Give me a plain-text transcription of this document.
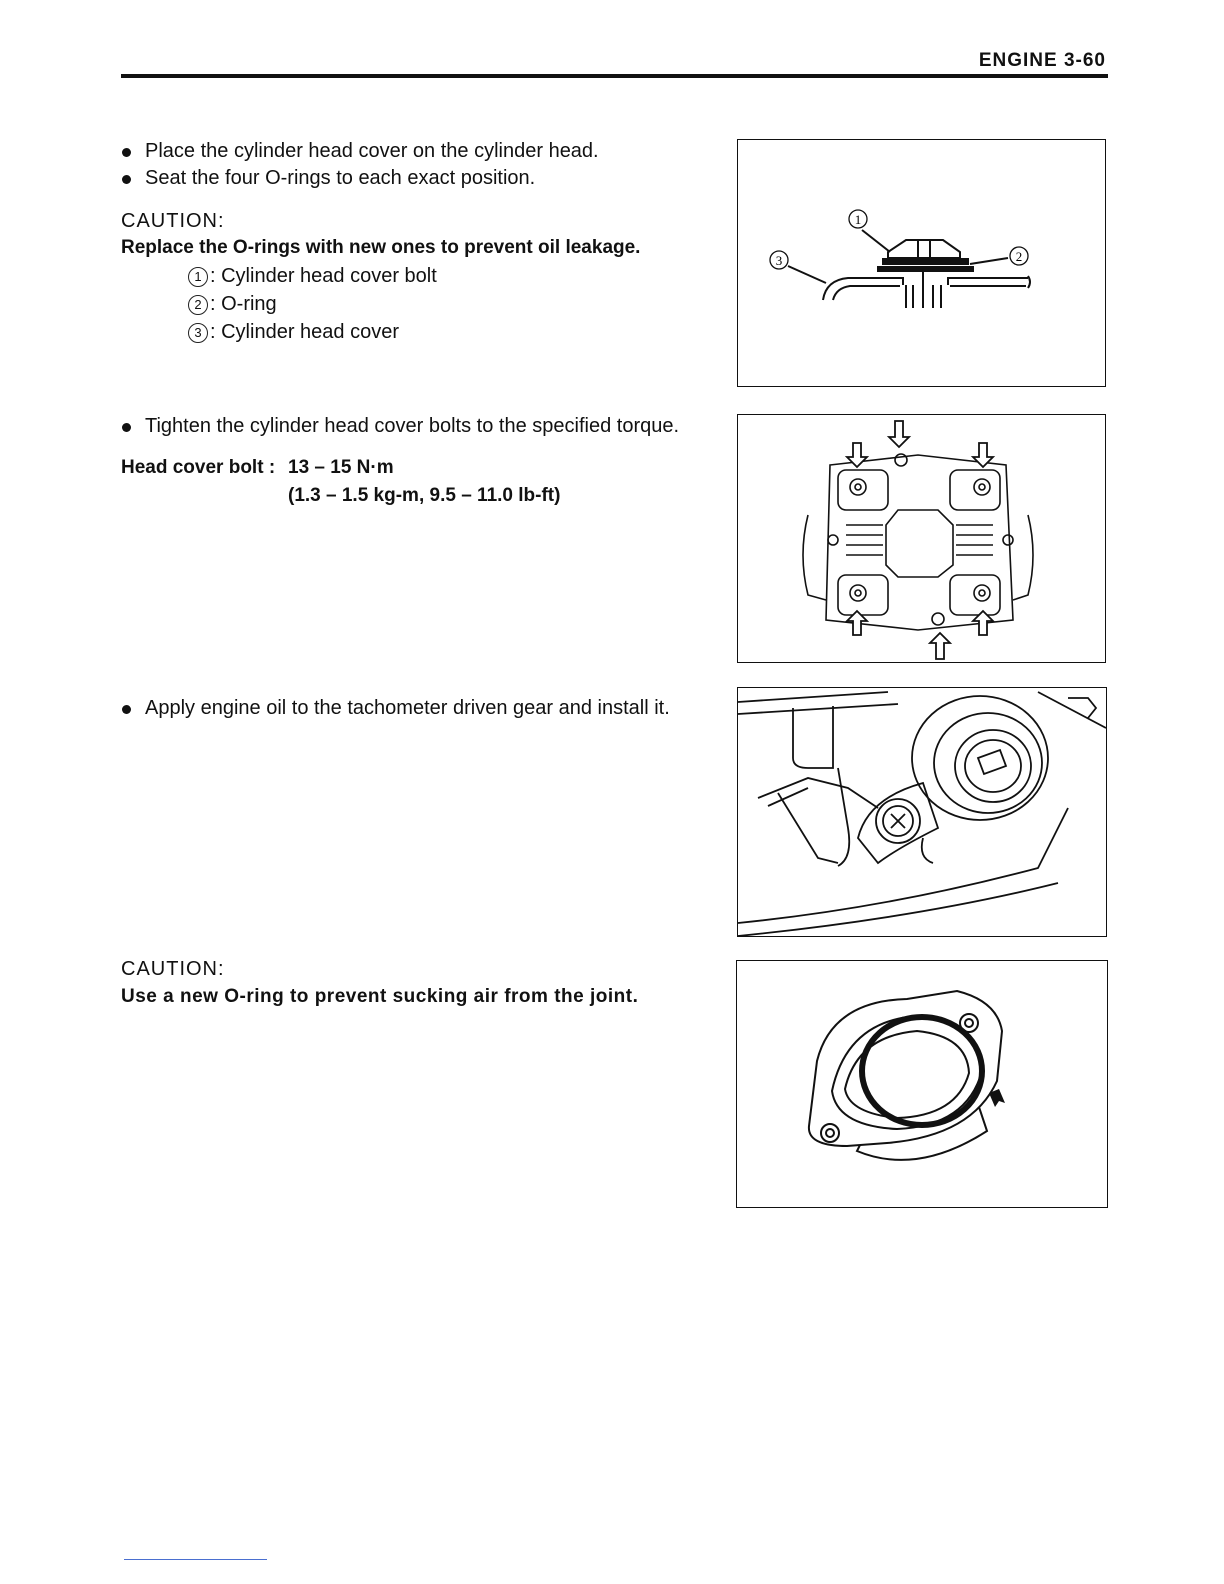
ENGINE 3-60
Place the cylinder head cover on the cylinder head.
Seat the four O-rings to each exact position.
CAUTION:
Replace the O-rings with new ones to prevent oil leakage.
1 : Cylinder head cover bolt
2 : O-ring
3 : Cylinder head cover
1
2
3
Tighten the cylinder head cover bolts to the specified torque.
Head cover bolt : 13 – 15 N·m
(1.3 – 1.5 kg-m, 9.5 – 11.0 lb-ft)
Apply engine oil to the tachometer driven gear and install it.
CAUTION:
Use a new O-ring to prevent sucking air from the joint.
